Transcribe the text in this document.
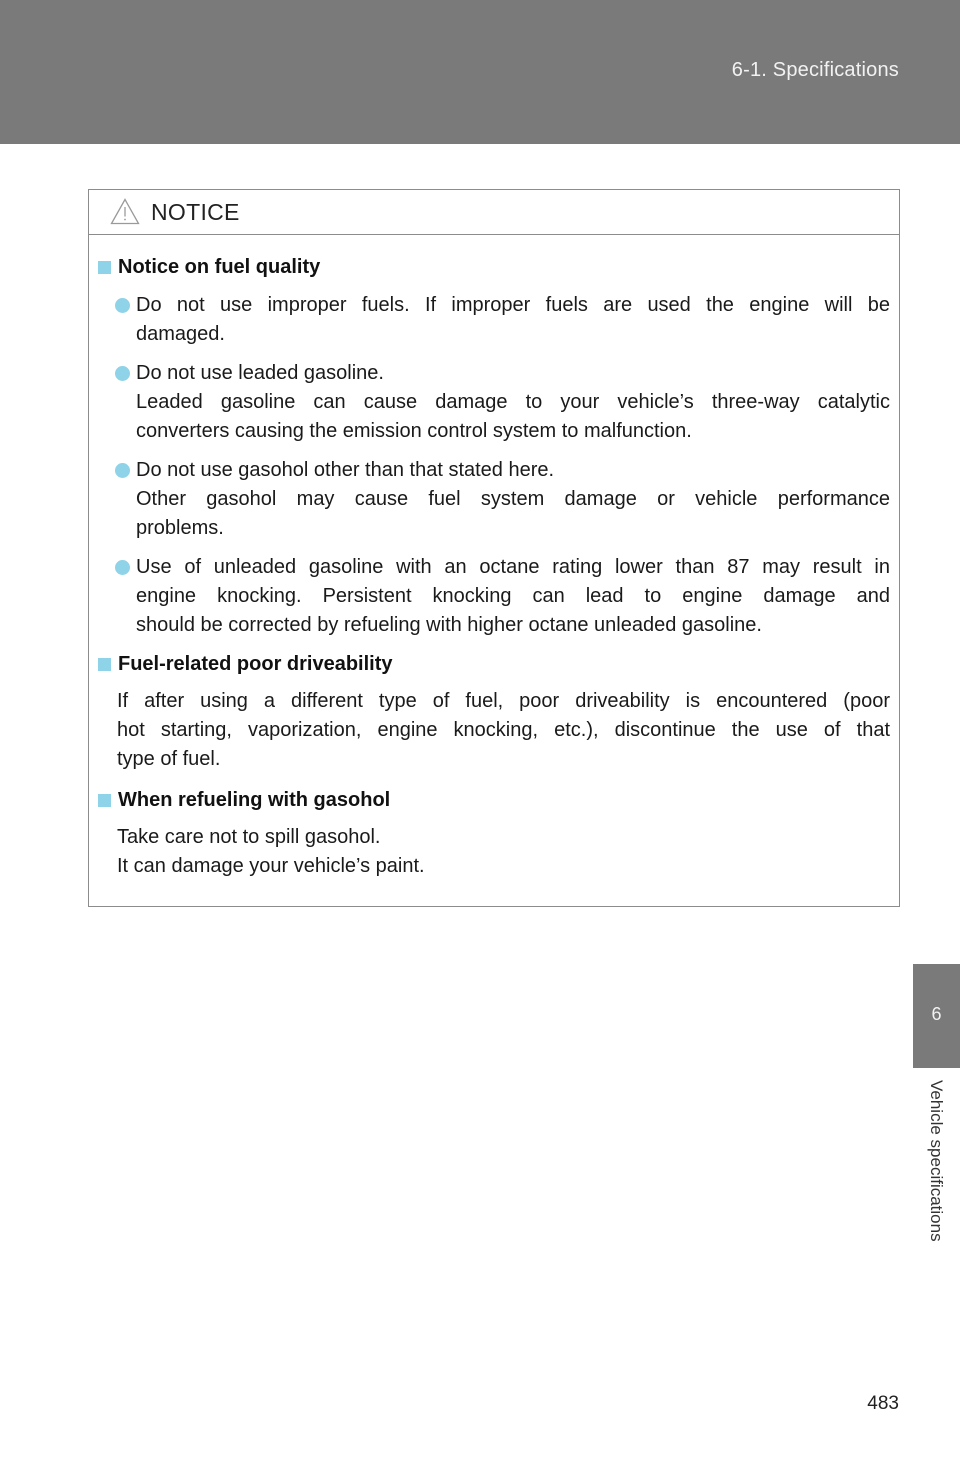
6-1. Specifications
NOTICE
Notice on fuel quality
Do not use improper fuels. If improper fuels are used the engine will be
damaged.
Do not use leaded gasoline.
Leaded gasoline can cause damage to your vehicle’s three-way catalytic
converters causing the emission control system to malfunction.
Do not use gasohol other than that stated here.
Other gasohol may cause fuel system damage or vehicle performance
problems.
Use of unleaded gasoline with an octane rating lower than 87 may result in
engine knocking. Persistent knocking can lead to engine damage and
should be corrected by refueling with higher octane unleaded gasoline.
Fuel-related poor driveability
If after using a different type of fuel, poor driveability is encountered (poor
hot starting, vaporization, engine knocking, etc.), discontinue the use of that
type of fuel.
When refueling with gasohol
Take care not to spill gasohol.
It can damage your vehicle’s paint.
6
Vehicle specifications
483
